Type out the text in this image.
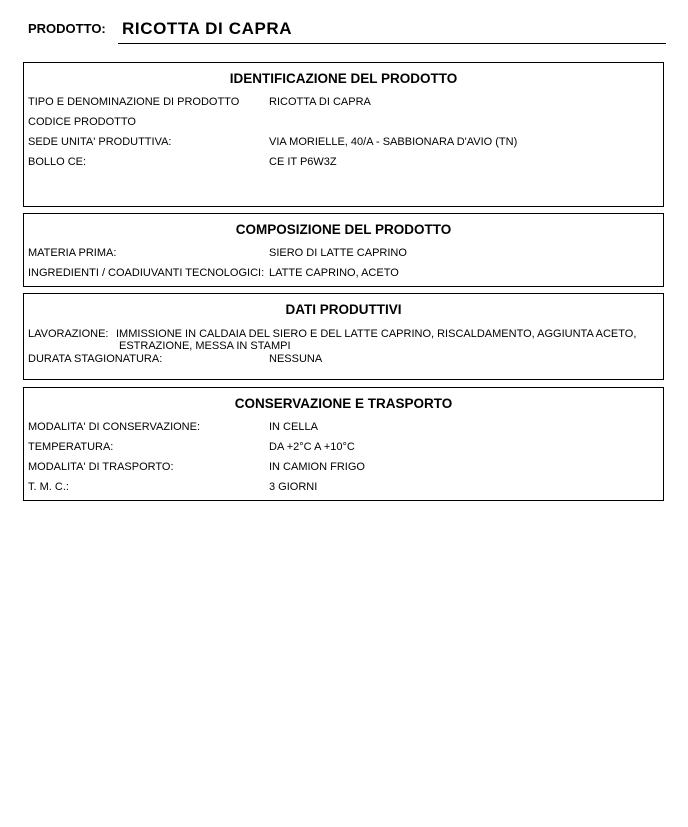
PRODOTTO: RICOTTA DI CAPRA
IDENTIFICAZIONE DEL PRODOTTO
TIPO E DENOMINAZIONE DI PRODOTTO	RICOTTA DI CAPRA
CODICE PRODOTTO
SEDE UNITA' PRODUTTIVA:	VIA MORIELLE, 40/A - SABBIONARA D'AVIO (TN)
BOLLO CE:	CE IT P6W3Z
COMPOSIZIONE DEL PRODOTTO
MATERIA PRIMA:	SIERO DI LATTE CAPRINO
INGREDIENTI / COADIUVANTI TECNOLOGICI: LATTE CAPRINO, ACETO
DATI PRODUTTIVI
LAVORAZIONE: IMMISSIONE IN CALDAIA DEL SIERO E DEL LATTE CAPRINO, RISCALDAMENTO, AGGIUNTA ACETO,
ESTRAZIONE, MESSA IN STAMPI
DURATA STAGIONATURA:	NESSUNA
CONSERVAZIONE E TRASPORTO
MODALITA' DI CONSERVAZIONE:	IN CELLA
TEMPERATURA:	DA +2°C A +10°C
MODALITA' DI TRASPORTO:	IN CAMION FRIGO
T. M. C.:	3 GIORNI
